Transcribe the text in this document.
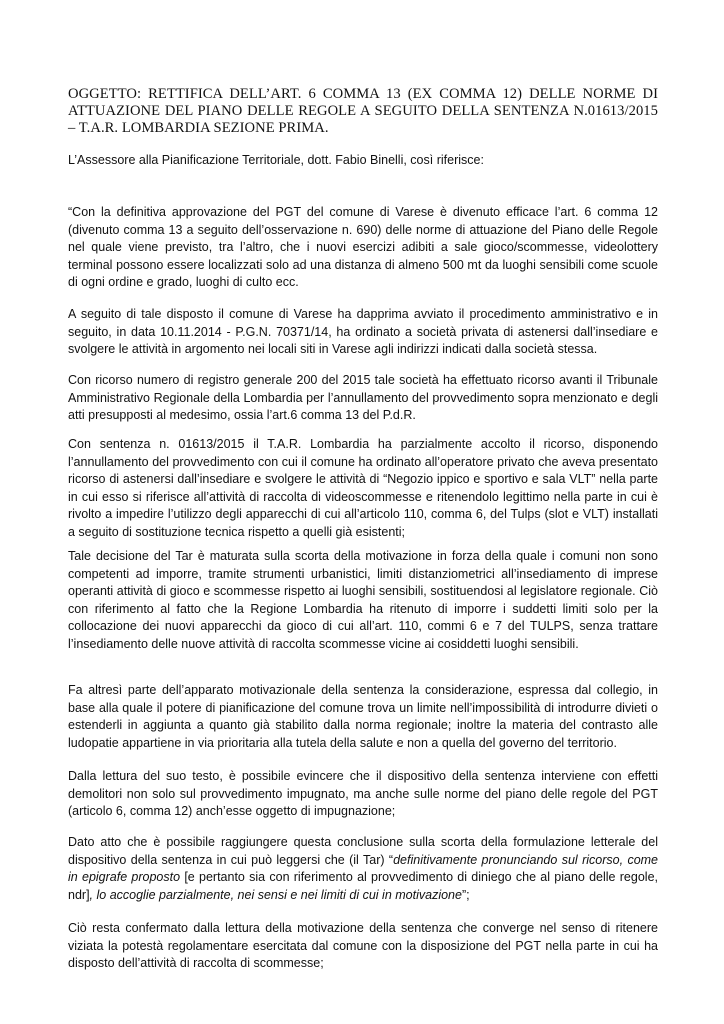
OGGETTO: RETTIFICA DELL’ART. 6 COMMA 13 (EX COMMA 12) DELLE NORME DI ATTUAZIONE DEL PIANO DELLE REGOLE A SEGUITO DELLA SENTENZA N.01613/2015 – T.A.R. LOMBARDIA SEZIONE PRIMA.
L’Assessore alla Pianificazione Territoriale, dott. Fabio Binelli, così riferisce:

“Con la definitiva approvazione del PGT del comune di Varese è divenuto efficace l’art. 6 comma 12 (divenuto comma 13 a seguito dell’osservazione n. 690) delle norme di attuazione del Piano delle Regole nel quale viene previsto, tra l’altro, che i nuovi esercizi adibiti a sale gioco/scommesse, videolottery terminal possono essere localizzati solo ad una distanza di almeno 500 mt da luoghi sensibili come scuole di ogni ordine e grado, luoghi di culto ecc.

A seguito di tale disposto il comune di Varese ha dapprima avviato il procedimento amministrativo e in seguito, in data 10.11.2014 - P.G.N. 70371/14, ha ordinato a società privata di astenersi dall’insediare e svolgere le attività in argomento nei locali siti in Varese agli indirizzi indicati dalla società stessa.

Con ricorso numero di registro generale 200 del 2015 tale società ha effettuato ricorso avanti il Tribunale Amministrativo Regionale della Lombardia per l’annullamento del provvedimento sopra menzionato e degli atti presupposti al medesimo, ossia l’art.6 comma 13 del P.d.R.

Con sentenza n. 01613/2015 il T.A.R. Lombardia ha parzialmente accolto il ricorso, disponendo l’annullamento del provvedimento con cui il comune ha ordinato all’operatore privato che aveva presentato ricorso di astenersi dall’insediare e svolgere le attività di “Negozio ippico e sportivo e sala VLT” nella parte in cui esso si riferisce all’attività di raccolta di videoscommesse e ritenendolo legittimo nella parte in cui è rivolto a impedire l’utilizzo degli apparecchi di cui all’articolo 110, comma 6, del Tulps (slot e VLT) installati a seguito di sostituzione tecnica rispetto a quelli già esistenti;

Tale decisione del Tar è maturata sulla scorta della motivazione in forza della quale i comuni non sono competenti ad imporre, tramite strumenti urbanistici, limiti distanziometrici all’insediamento di imprese operanti attività di gioco e scommesse rispetto ai luoghi sensibili, sostituendosi al legislatore regionale. Ciò con riferimento al fatto che la Regione Lombardia ha ritenuto di imporre i suddetti limiti solo per la collocazione dei nuovi apparecchi da gioco di cui all’art. 110, commi 6 e 7 del TULPS, senza trattare l’insediamento delle nuove attività di raccolta scommesse vicine ai cosiddetti luoghi sensibili.

Fa altresì parte dell’apparato motivazionale della sentenza la considerazione, espressa dal collegio, in base alla quale il potere di pianificazione del comune trova un limite nell’impossibilità di introdurre divieti o estenderli in aggiunta a quanto già stabilito dalla norma regionale; inoltre la materia del contrasto alle ludopatie appartiene in via prioritaria alla tutela della salute e non a quella del governo del territorio.

Dalla lettura del suo testo, è possibile evincere che il dispositivo della sentenza interviene con effetti demolitori non solo sul provvedimento impugnato, ma anche sulle norme del piano delle regole del PGT (articolo 6, comma 12) anch’esse oggetto di impugnazione;

Dato atto che è possibile raggiungere questa conclusione sulla scorta della formulazione letterale del dispositivo della sentenza in cui può leggersi che (il Tar) “definitivamente pronunciando sul ricorso, come in epigrafe proposto [e pertanto sia con riferimento al provvedimento di diniego che al piano delle regole, ndr], lo accoglie parzialmente, nei sensi e nei limiti di cui in motivazione”;

Ciò resta confermato dalla lettura della motivazione della sentenza che converge nel senso di ritenere viziata la potestà regolamentare esercitata dal comune con la disposizione del PGT nella parte in cui ha disposto dell’attività di raccolta di scommesse;
